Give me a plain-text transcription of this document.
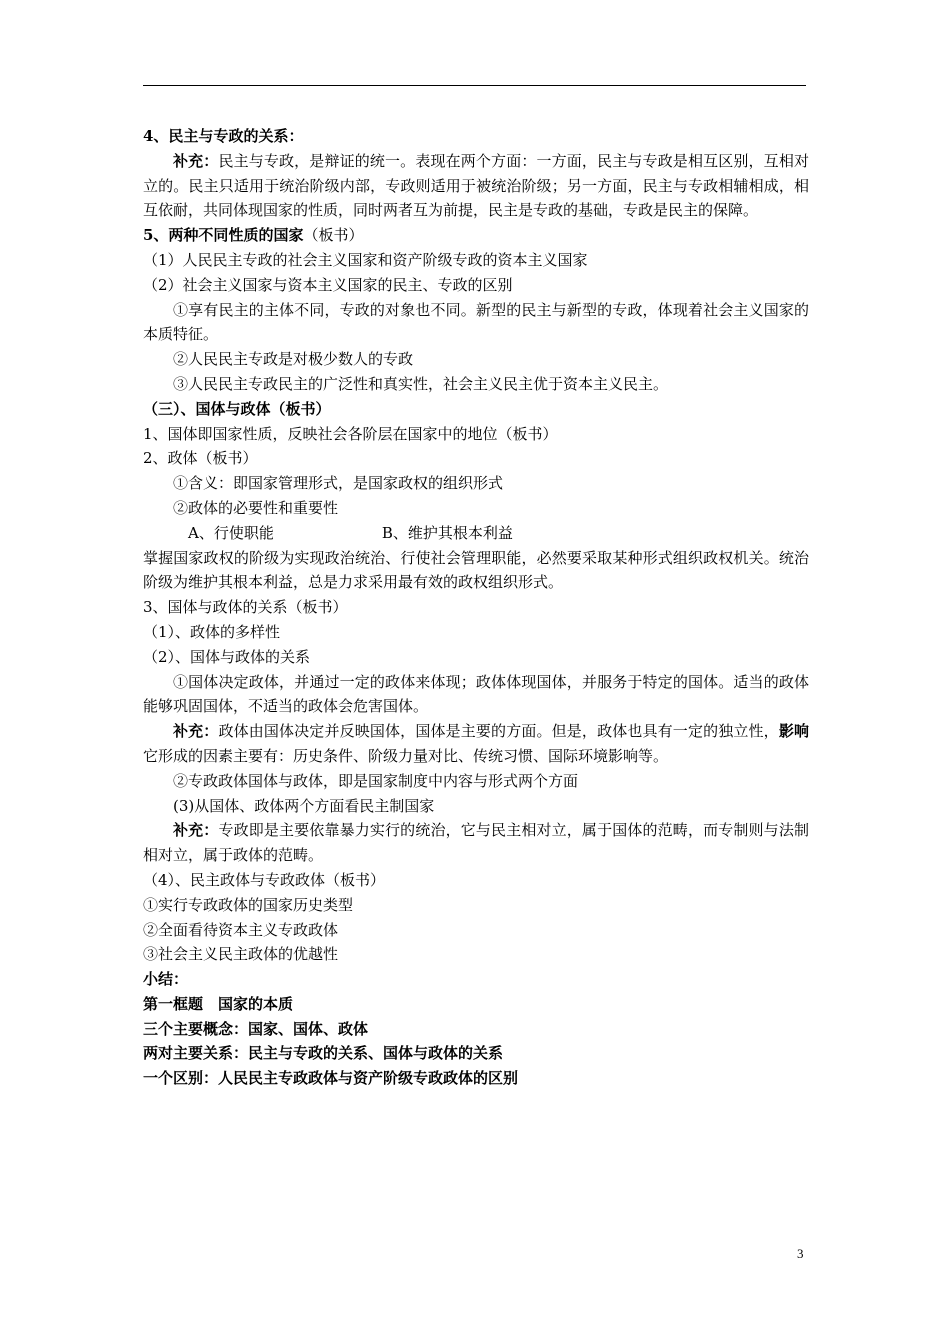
4、民主与专政的关系：

补充：民主与专政，是辩证的统一。表现在两个方面：一方面，民主与专政是相互区别，互相对立的。民主只适用于统治阶级内部，专政则适用于被统治阶级；另一方面，民主与专政相辅相成，相互依耐，共同体现国家的性质，同时两者互为前提，民主是专政的基础，专政是民主的保障。

5、两种不同性质的国家（板书）

（1）人民民主专政的社会主义国家和资产阶级专政的资本主义国家

（2）社会主义国家与资本主义国家的民主、专政的区别

①享有民主的主体不同，专政的对象也不同。新型的民主与新型的专政，体现着社会主义国家的本质特征。

②人民民主专政是对极少数人的专政

③人民民主专政民主的广泛性和真实性，社会主义民主优于资本主义民主。

（三）、国体与政体（板书）

1、国体即国家性质，反映社会各阶层在国家中的地位（板书）

2、政体（板书）

①含义：即国家管理形式，是国家政权的组织形式

②政体的必要性和重要性

A、行使职能	B、维护其根本利益

掌握国家政权的阶级为实现政治统治、行使社会管理职能，必然要采取某种形式组织政权机关。统治阶级为维护其根本利益，总是力求采用最有效的政权组织形式。

3、国体与政体的关系（板书）

（1）、政体的多样性

（2）、国体与政体的关系

①国体决定政体，并通过一定的政体来体现；政体体现国体，并服务于特定的国体。适当的政体能够巩固国体，不适当的政体会危害国体。

补充：政体由国体决定并反映国体，国体是主要的方面。但是，政体也具有一定的独立性，影响它形成的因素主要有：历史条件、阶级力量对比、传统习惯、国际环境影响等。

②专政政体国体与政体，即是国家制度中内容与形式两个方面

(3)从国体、政体两个方面看民主制国家

补充：专政即是主要依靠暴力实行的统治，它与民主相对立，属于国体的范畴，而专制则与法制相对立，属于政体的范畴。

（4）、民主政体与专政政体（板书）

①实行专政政体的国家历史类型

②全面看待资本主义专政政体

③社会主义民主政体的优越性

小结：

第一框题　国家的本质

三个主要概念：国家、国体、政体

两对主要关系：民主与专政的关系、国体与政体的关系

一个区别：人民民主专政政体与资产阶级专政政体的区别

3
